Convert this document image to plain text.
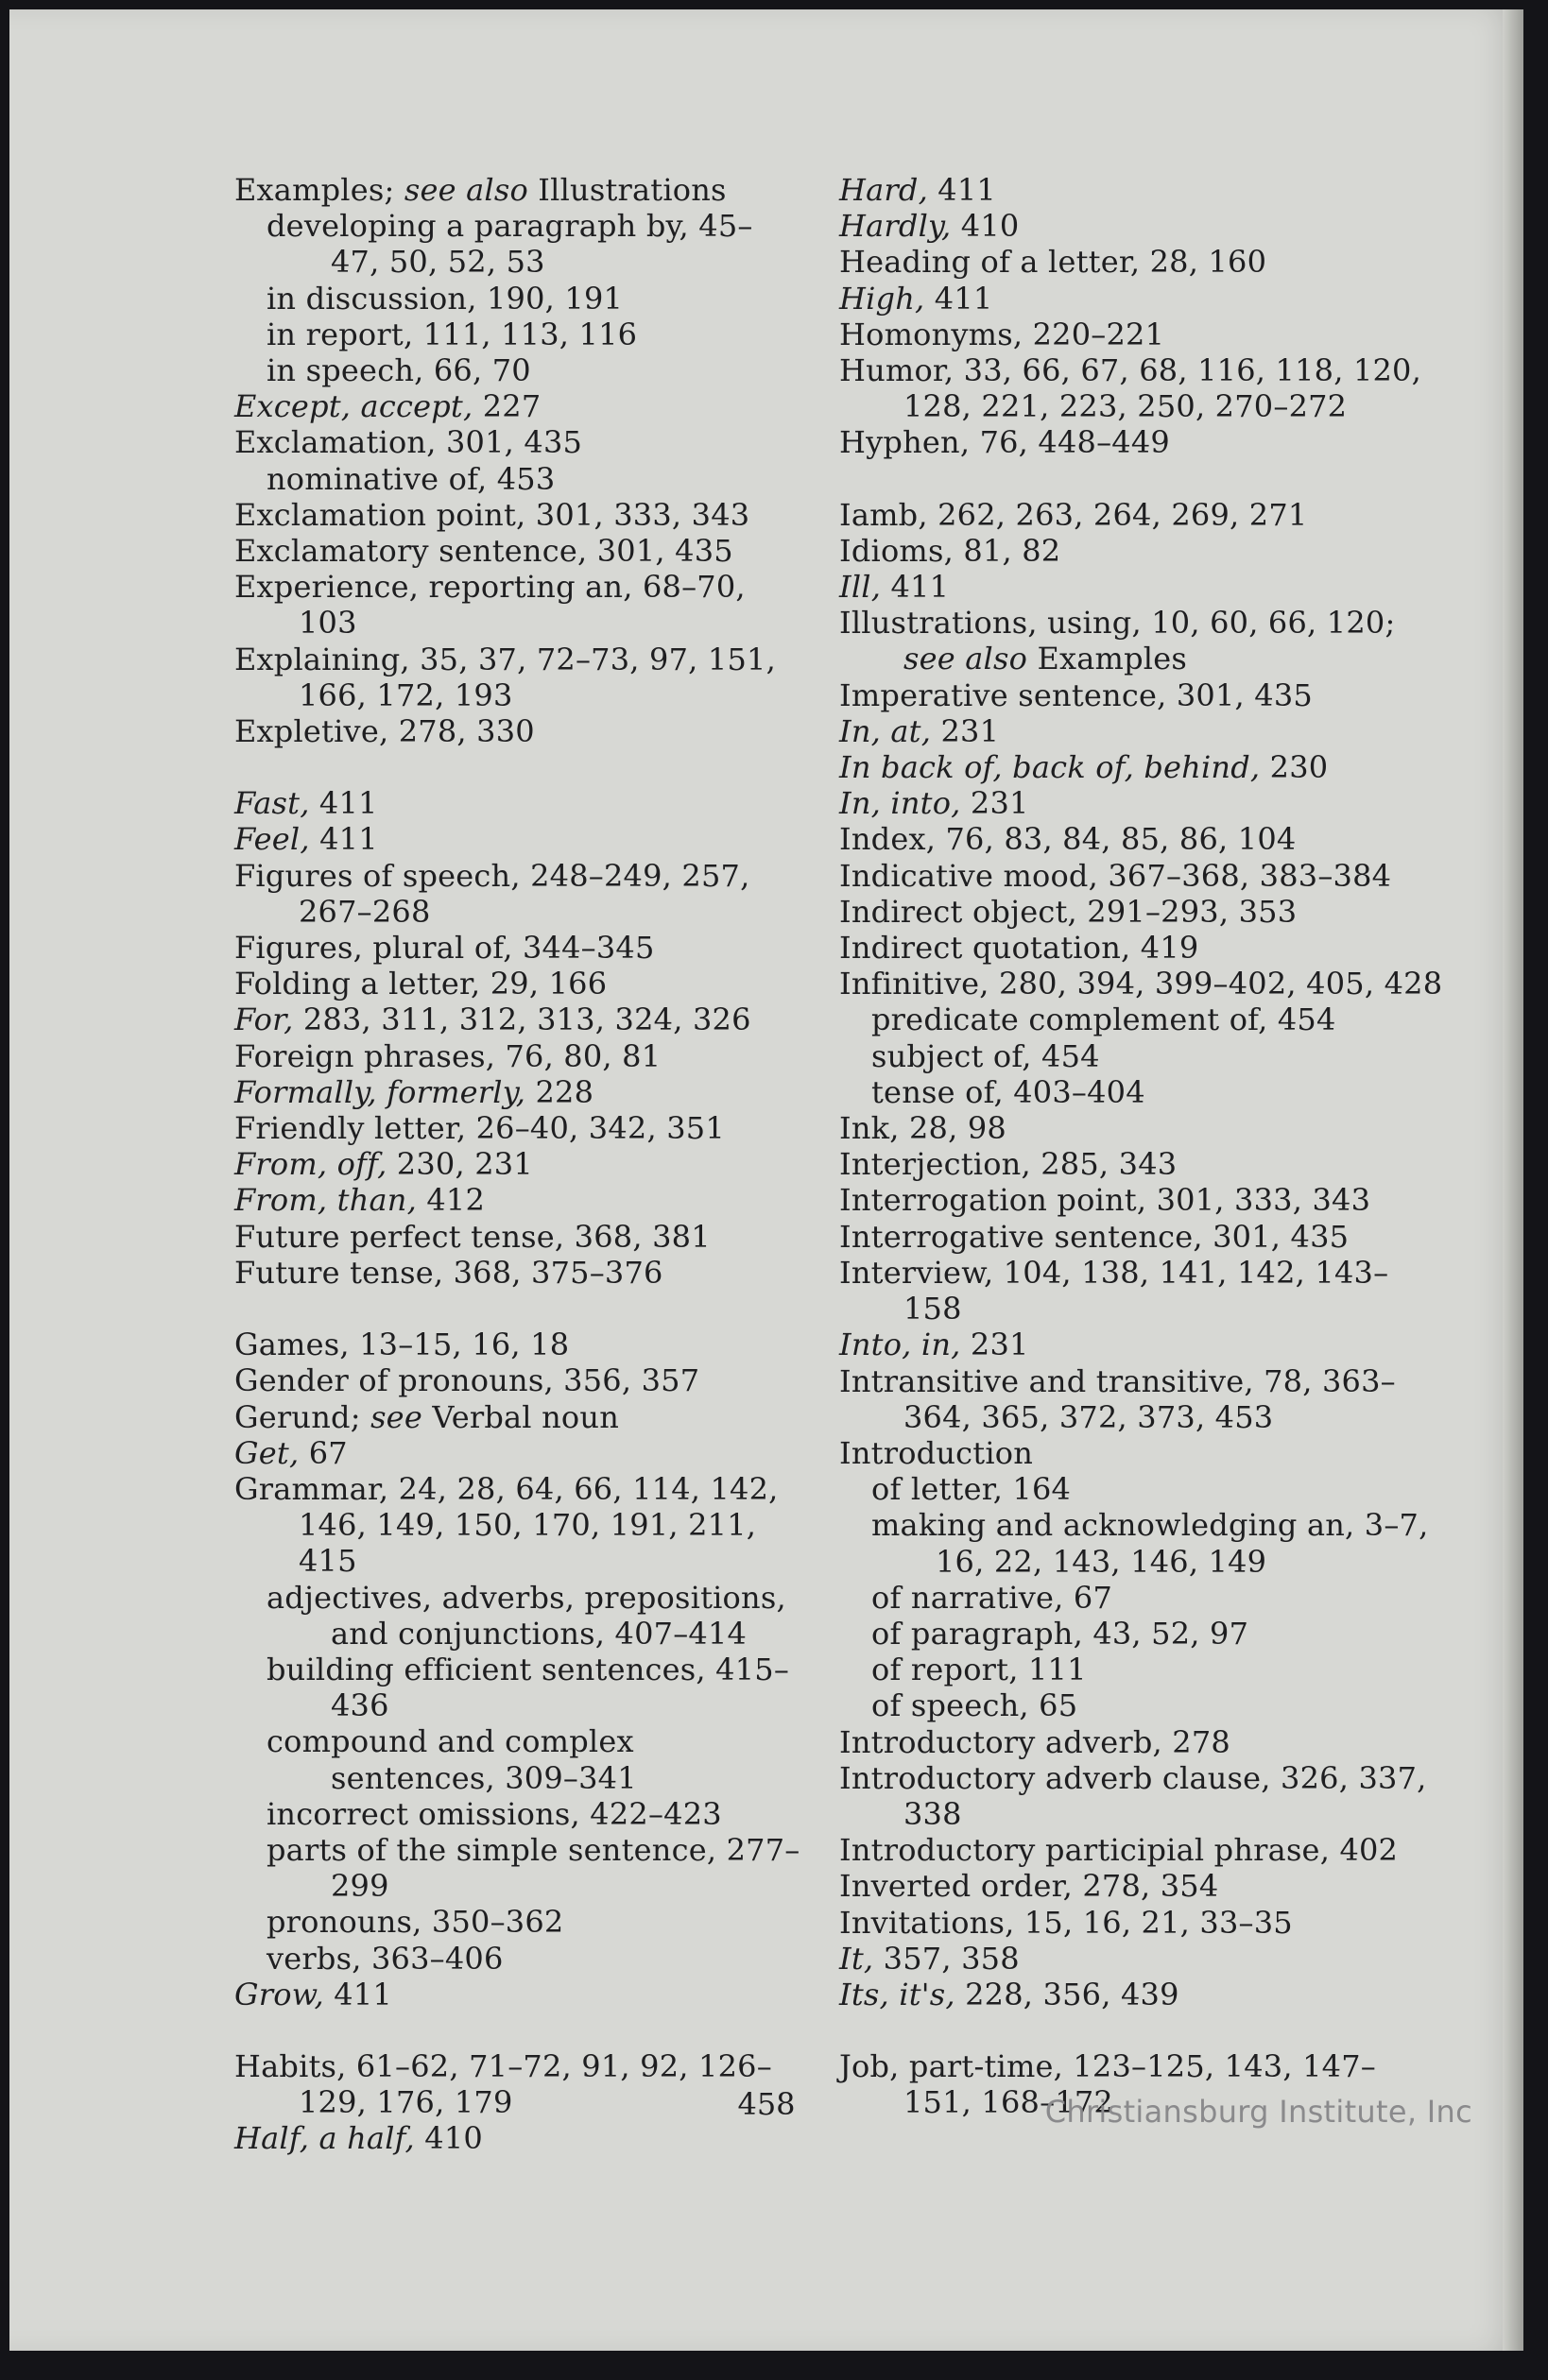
Examples; see also Illustrations
developing a paragraph by, 45–47, 50, 52, 53
in discussion, 190, 191
in report, 111, 113, 116
in speech, 66, 70
Except, accept, 227
Exclamation, 301, 435
nominative of, 453
Exclamation point, 301, 333, 343
Exclamatory sentence, 301, 435
Experience, reporting an, 68–70, 103
Explaining, 35, 37, 72–73, 97, 151, 166, 172, 193
Expletive, 278, 330
Fast, 411
Feel, 411
Figures of speech, 248–249, 257, 267–268
Figures, plural of, 344–345
Folding a letter, 29, 166
For, 283, 311, 312, 313, 324, 326
Foreign phrases, 76, 80, 81
Formally, formerly, 228
Friendly letter, 26–40, 342, 351
From, off, 230, 231
From, than, 412
Future perfect tense, 368, 381
Future tense, 368, 375–376
Games, 13–15, 16, 18
Gender of pronouns, 356, 357
Gerund; see Verbal noun
Get, 67
Grammar, 24, 28, 64, 66, 114, 142, 146, 149, 150, 170, 191, 211, 415
adjectives, adverbs, prepositions, and conjunctions, 407–414
building efficient sentences, 415–436
compound and complex sentences, 309–341
incorrect omissions, 422–423
parts of the simple sentence, 277–299
pronouns, 350–362
verbs, 363–406
Grow, 411
Habits, 61–62, 71–72, 91, 92, 126–129, 176, 179
Half, a half, 410
Hard, 411
Hardly, 410
Heading of a letter, 28, 160
High, 411
Homonyms, 220–221
Humor, 33, 66, 67, 68, 116, 118, 120, 128, 221, 223, 250, 270–272
Hyphen, 76, 448–449
Iamb, 262, 263, 264, 269, 271
Idioms, 81, 82
Ill, 411
Illustrations, using, 10, 60, 66, 120; see also Examples
Imperative sentence, 301, 435
In, at, 231
In back of, back of, behind, 230
In, into, 231
Index, 76, 83, 84, 85, 86, 104
Indicative mood, 367–368, 383–384
Indirect object, 291–293, 353
Indirect quotation, 419
Infinitive, 280, 394, 399–402, 405, 428
predicate complement of, 454
subject of, 454
tense of, 403–404
Ink, 28, 98
Interjection, 285, 343
Interrogation point, 301, 333, 343
Interrogative sentence, 301, 435
Interview, 104, 138, 141, 142, 143–158
Into, in, 231
Intransitive and transitive, 78, 363–364, 365, 372, 373, 453
Introduction
of letter, 164
making and acknowledging an, 3–7, 16, 22, 143, 146, 149
of narrative, 67
of paragraph, 43, 52, 97
of report, 111
of speech, 65
Introductory adverb, 278
Introductory adverb clause, 326, 337, 338
Introductory participial phrase, 402
Inverted order, 278, 354
Invitations, 15, 16, 21, 33–35
It, 357, 358
Its, it's, 228, 356, 439
Job, part-time, 123–125, 143, 147–151, 168–172
458	Christiansburg Institute, Inc
